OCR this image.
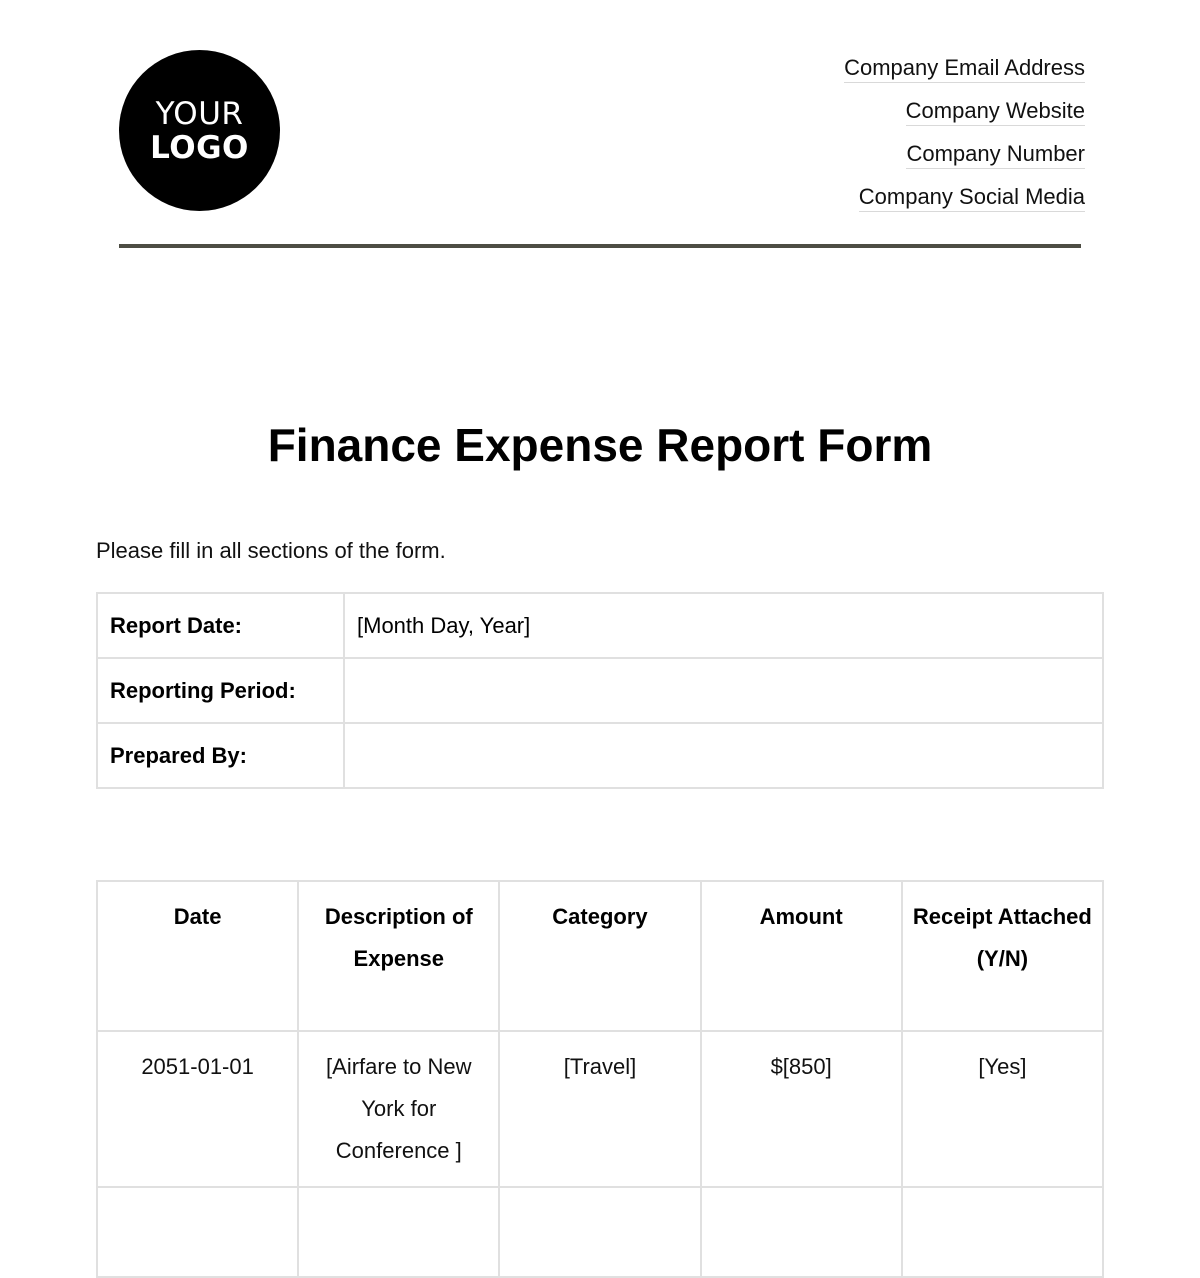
YOUR
LOGO
Company Email Address
Company Website
Company Number
Company Social Media
Finance Expense Report Form
Please fill in all sections of the form.
Report Date:	[Month Day, Year]
Reporting Period:	
Prepared By:	
Date	Description of Expense	Category	Amount	Receipt Attached (Y/N)
2051-01-01	[Airfare to New York for Conference ]	[Travel]	$[850]	[Yes]
